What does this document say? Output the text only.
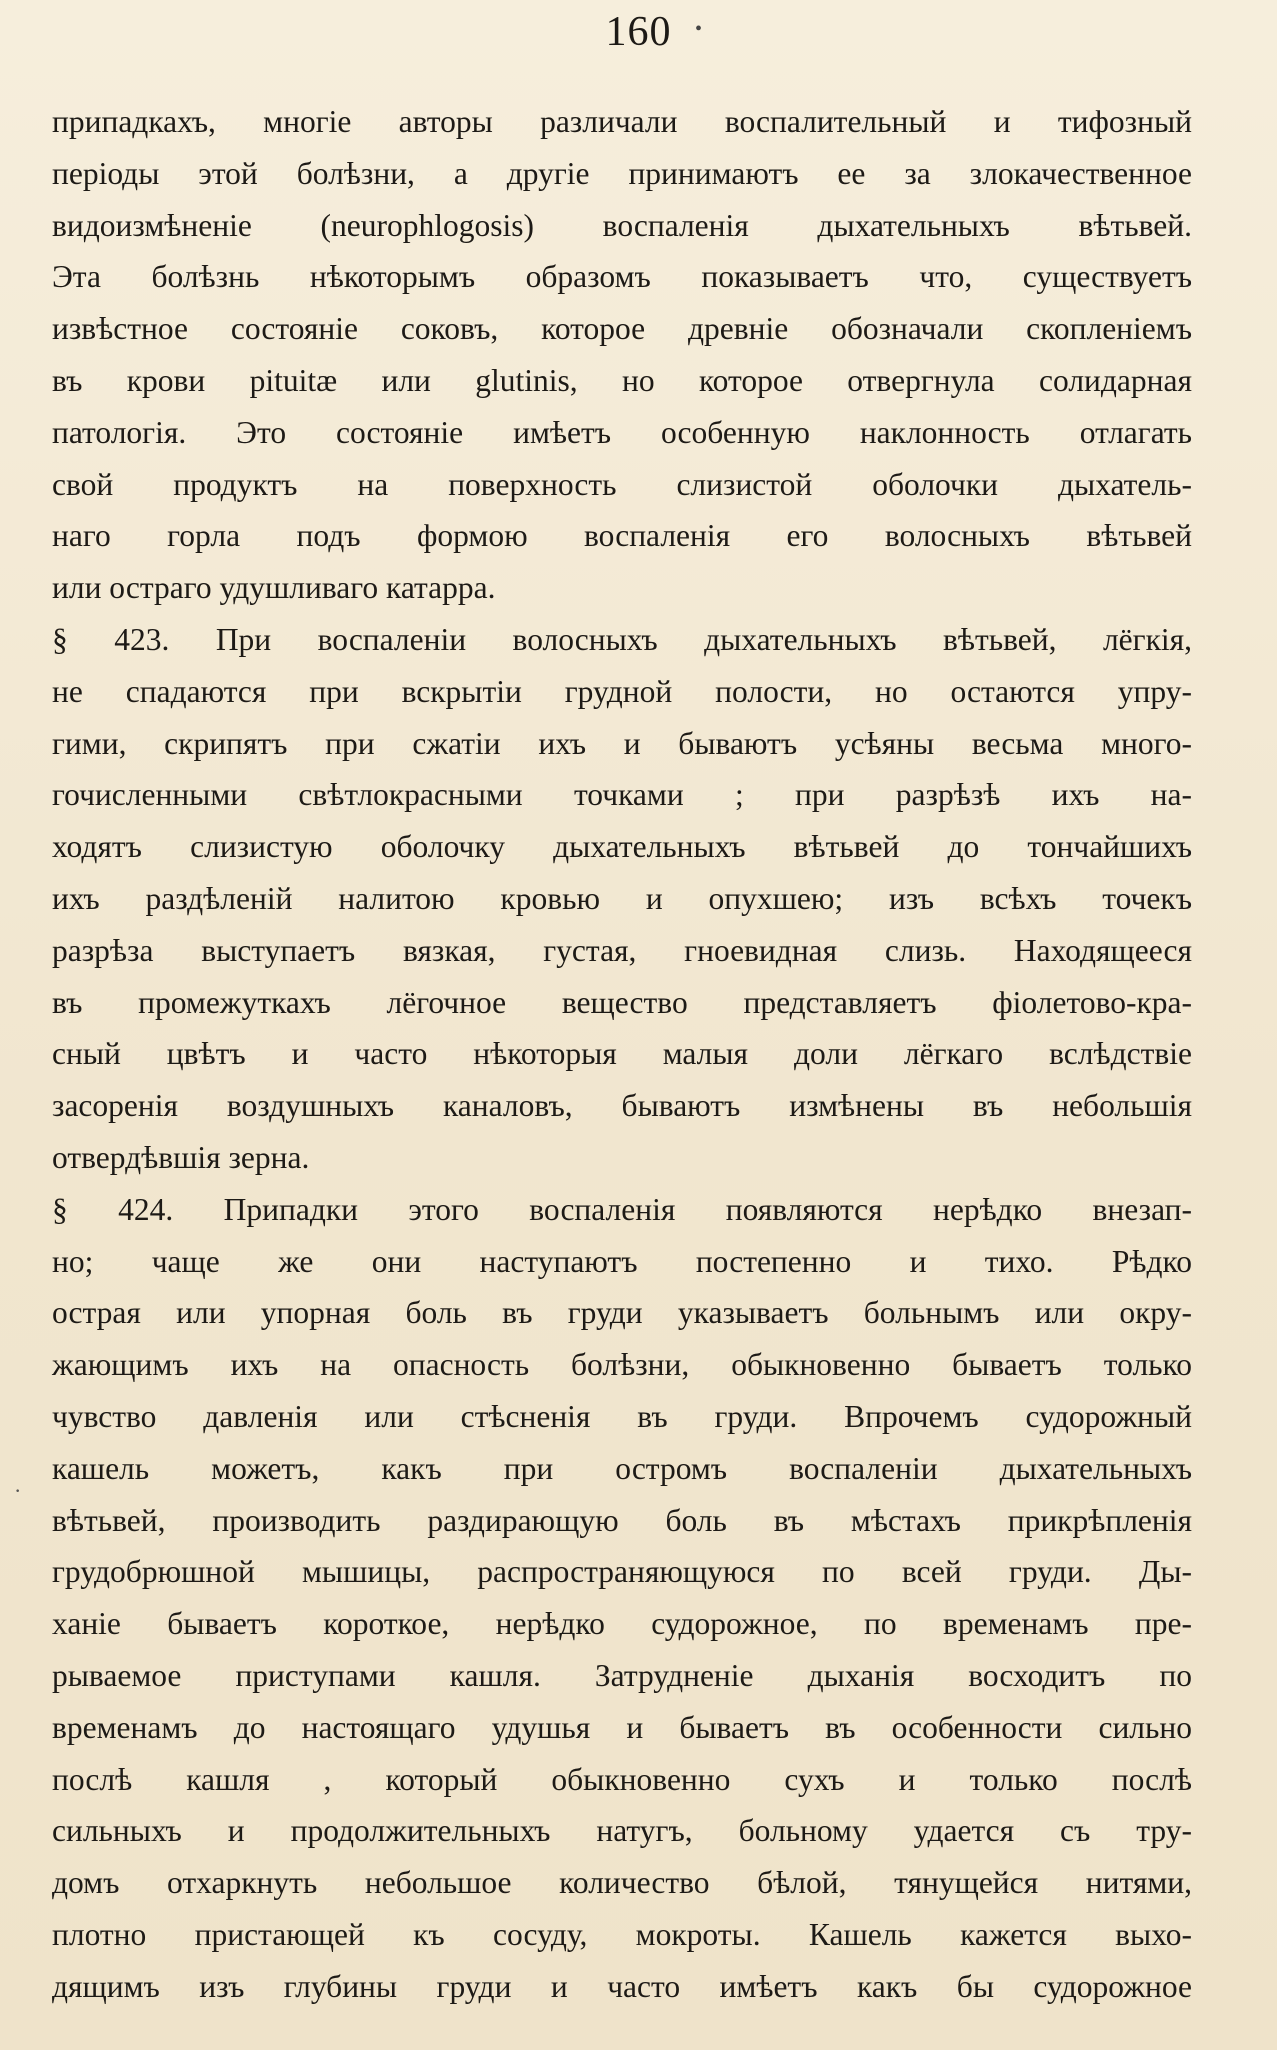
160	•
·
припадкахъ, многіе авторы различали воспалительный и тифозный
періоды этой болѣзни, а другіе принимаютъ ее за злокачественное
видоизмѣненіе (neurophlogosis) воспаленія дыхательныхъ вѣтьвей.
Эта болѣзнь нѣкоторымъ образомъ показываетъ что, существуетъ
извѣстное состояніе соковъ, которое древніе обозначали скопленіемъ
въ крови pituitæ или glutinis, но которое отвергнула солидарная
патологія. Это состояніе имѣетъ особенную наклонность отлагать
свой продуктъ на поверхность слизистой оболочки дыхатель-
наго горла подъ формою воспаленія его волосныхъ вѣтьвей
или остраго удушливаго катарра.
§ 423. При воспаленіи волосныхъ дыхательныхъ вѣтьвей, лёгкія,
не спадаются при вскрытіи грудной полости, но остаются упру-
гими, скрипятъ при сжатіи ихъ и бываютъ усѣяны весьма много-
гочисленными свѣтлокрасными точками ; при разрѣзѣ ихъ на-
ходятъ слизистую оболочку дыхательныхъ вѣтьвей до тончайшихъ
ихъ раздѣленій налитою кровью и опухшею; изъ всѣхъ точекъ
разрѣза выступаетъ вязкая, густая, гноевидная слизь. Находящееся
въ промежуткахъ лёгочное вещество представляетъ фіолетово-кра-
сный цвѣтъ и часто нѣкоторыя малыя доли лёгкаго вслѣдствіе
засоренія воздушныхъ каналовъ, бываютъ измѣнены въ небольшія
отвердѣвшія зерна.
§ 424. Припадки этого воспаленія появляются нерѣдко внезап-
но; чаще же они наступаютъ постепенно и тихо. Рѣдко
острая или упорная боль въ груди указываетъ больнымъ или окру-
жающимъ ихъ на опасность болѣзни, обыкновенно бываетъ только
чувство давленія или стѣсненія въ груди. Впрочемъ судорожный
кашель можетъ, какъ при остромъ воспаленіи дыхательныхъ
вѣтьвей, производить раздирающую боль въ мѣстахъ прикрѣпленія
грудобрюшной мышицы, распространяющуюся по всей груди. Ды-
ханіе бываетъ короткое, нерѣдко судорожное, по временамъ пре-
рываемое приступами кашля. Затрудненіе дыханія восходитъ по
временамъ до настоящаго удушья и бываетъ въ особенности сильно
послѣ кашля , который обыкновенно сухъ и только послѣ
сильныхъ и продолжительныхъ натугъ, больному удается съ тру-
домъ отхаркнуть небольшое количество бѣлой, тянущейся нитями,
плотно пристающей къ сосуду, мокроты. Кашель кажется выхо-
дящимъ изъ глубины груди и часто имѣетъ какъ бы судорожное
